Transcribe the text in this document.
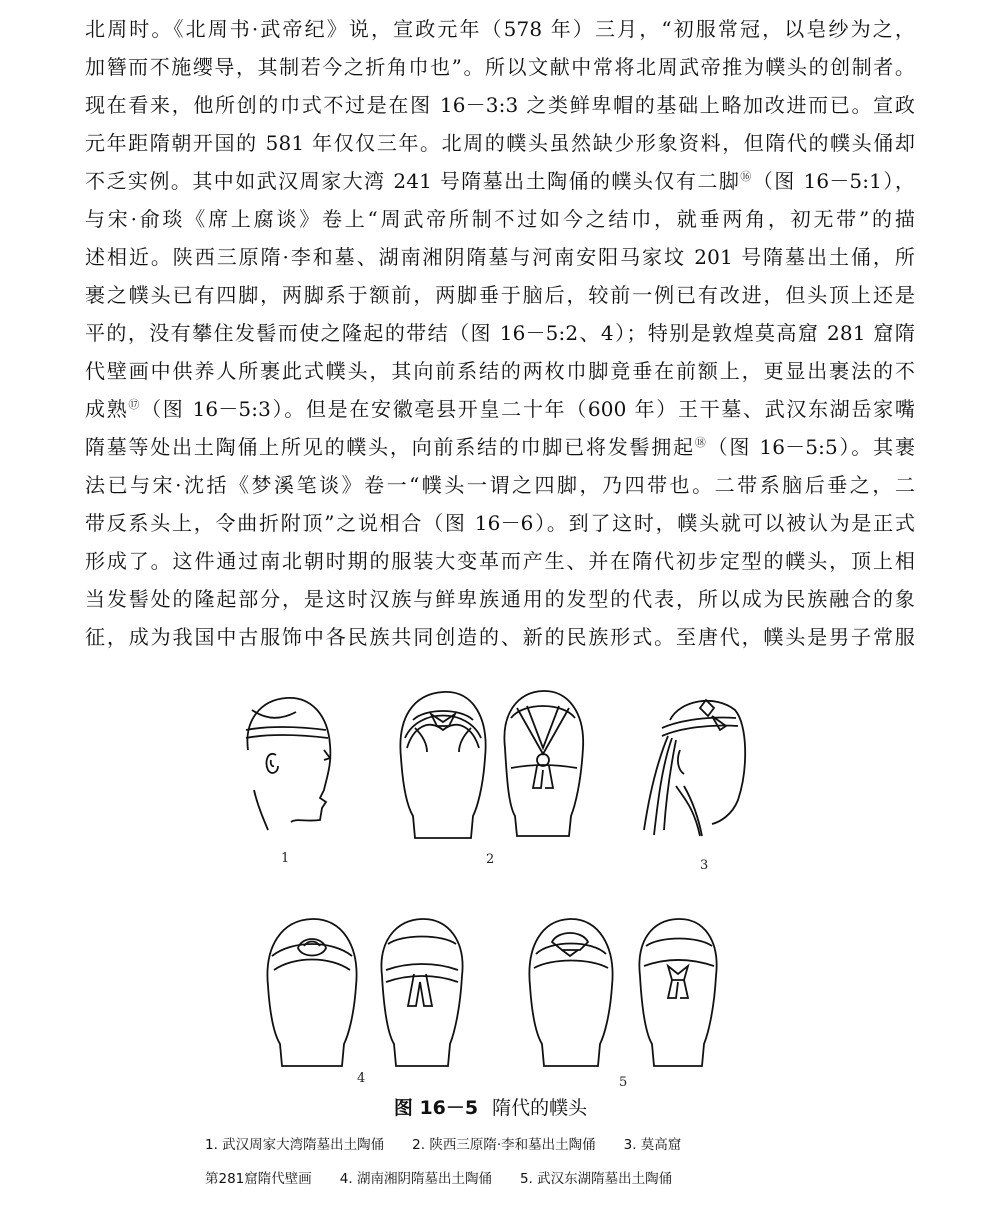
北周时。《北周书·武帝纪》说，宣政元年（578 年）三月，“初服常冠，以皂纱为之，
加簪而不施缨导，其制若今之折角巾也”。所以文献中常将北周武帝推为幞头的创制者。
现在看来，他所创的巾式不过是在图 16－3:3 之类鲜卑帽的基础上略加改进而已。宣政
元年距隋朝开国的 581 年仅仅三年。北周的幞头虽然缺少形象资料，但隋代的幞头俑却
不乏实例。其中如武汉周家大湾 241 号隋墓出土陶俑的幞头仅有二脚⑯（图 16－5:1），
与宋·俞琰《席上腐谈》卷上“周武帝所制不过如今之结巾，就垂两角，初无带”的描
述相近。陕西三原隋·李和墓、湖南湘阴隋墓与河南安阳马家坟 201 号隋墓出土俑，所
裹之幞头已有四脚，两脚系于额前，两脚垂于脑后，较前一例已有改进，但头顶上还是
平的，没有攀住发髻而使之隆起的带结（图 16－5:2、4）；特别是敦煌莫高窟 281 窟隋
代壁画中供养人所裹此式幞头，其向前系结的两枚巾脚竟垂在前额上，更显出裹法的不
成熟⑰（图 16－5:3）。但是在安徽亳县开皇二十年（600 年）王干墓、武汉东湖岳家嘴
隋墓等处出土陶俑上所见的幞头，向前系结的巾脚已将发髻拥起⑱（图 16－5:5）。其裹
法已与宋·沈括《梦溪笔谈》卷一“幞头一谓之四脚，乃四带也。二带系脑后垂之，二
带反系头上，令曲折附顶”之说相合（图 16－6）。到了这时，幞头就可以被认为是正式
形成了。这件通过南北朝时期的服装大变革而产生、并在隋代初步定型的幞头，顶上相
当发髻处的隆起部分，是这时汉族与鲜卑族通用的发型的代表，所以成为民族融合的象
征，成为我国中古服饰中各民族共同创造的、新的民族形式。至唐代，幞头是男子常服
1	2	3
4	5
图 16－5 隋代的幞头
1. 武汉周家大湾隋墓出土陶俑 2. 陕西三原隋·李和墓出土陶俑 3. 莫高窟
第281窟隋代壁画 4. 湖南湘阴隋墓出土陶俑 5. 武汉东湖隋墓出土陶俑
